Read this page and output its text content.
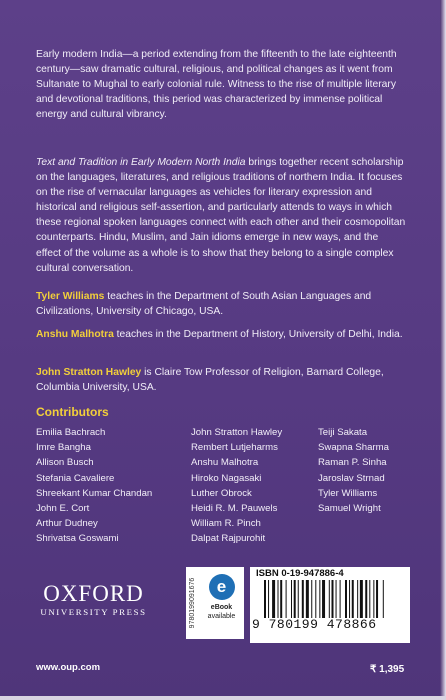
Early modern India—a period extending from the fifteenth to the late eighteenth century—saw dramatic cultural, religious, and political changes as it went from Sultanate to Mughal to early colonial rule. Witness to the rise of multiple literary and devotional traditions, this period was characterized by immense political energy and cultural vibrancy.

Text and Tradition in Early Modern North India brings together recent scholarship on the languages, literatures, and religious traditions of northern India. It focuses on the rise of vernacular languages as vehicles for literary expression and historical and religious self-assertion, and particularly attends to ways in which these regional spoken languages connect with each other and their cosmopolitan counterparts. Hindu, Muslim, and Jain idioms emerge in new ways, and the effect of the volume as a whole is to show that they belong to a single complex cultural conversation.

Tyler Williams teaches in the Department of South Asian Languages and Civilizations, University of Chicago, USA.

Anshu Malhotra teaches in the Department of History, University of Delhi, India.

John Stratton Hawley is Claire Tow Professor of Religion, Barnard College, Columbia University, USA.

Contributors
Emilia Bachrach
Imre Bangha
Allison Busch
Stefania Cavaliere
Shreekant Kumar Chandan
John E. Cort
Arthur Dudney
Shrivatsa Goswami
John Stratton Hawley
Rembert Lutjeharms
Anshu Malhotra
Hiroko Nagasaki
Luther Obrock
Heidi R. M. Pauwels
William R. Pinch
Dalpat Rajpurohit
Teiji Sakata
Swapna Sharma
Raman P. Sinha
Jaroslav Strnad
Tyler Williams
Samuel Wright
OXFORD
UNIVERSITY PRESS
www.oup.com
9780199091676	e
eBook
available
ISBN 0-19-947886-4
9 780199 478866
₹ 1,395
